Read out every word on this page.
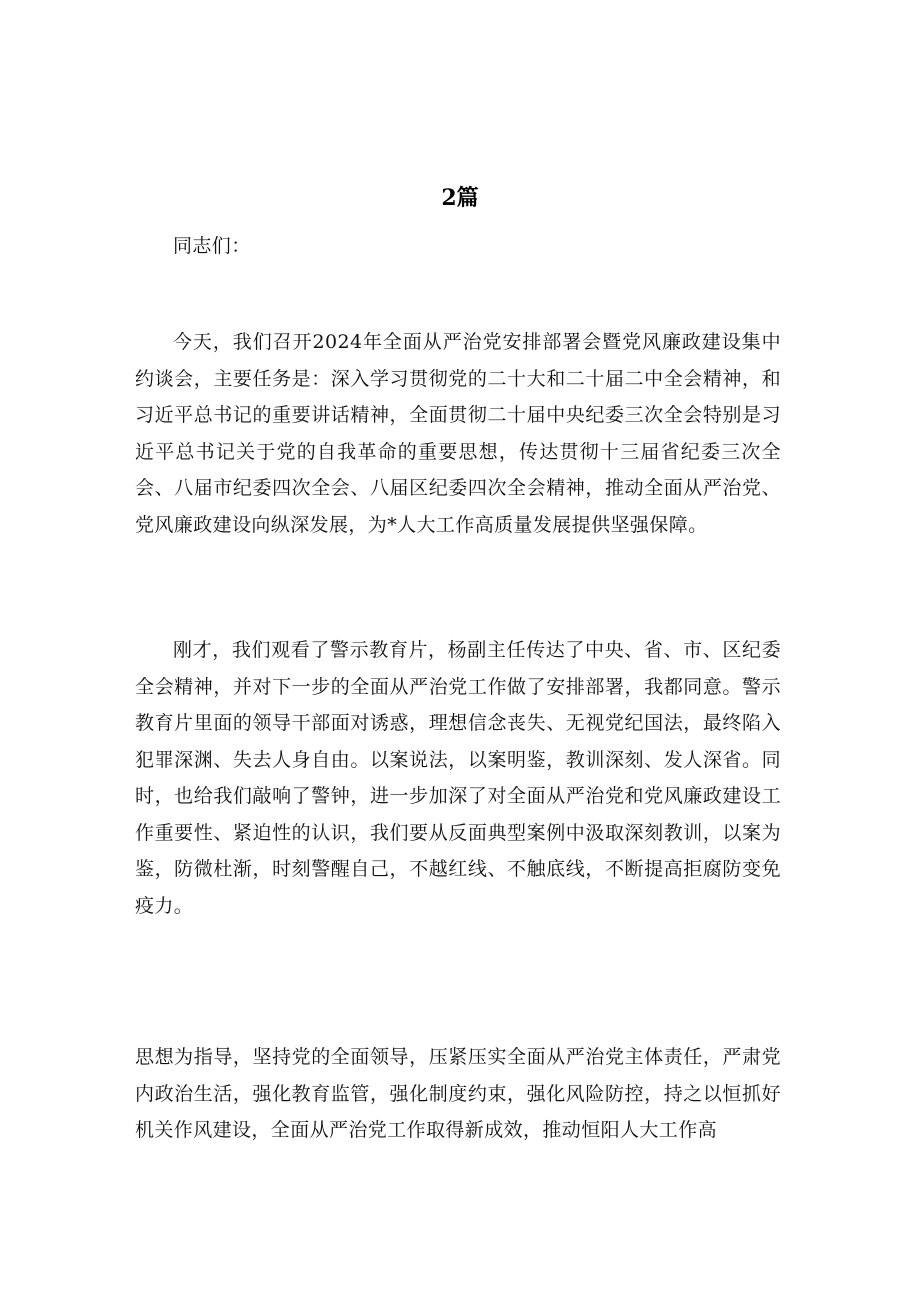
2篇

同志们：

今天，我们召开2024年全面从严治党安排部署会暨党风廉政建设集中约谈会，主要任务是：深入学习贯彻党的二十大和二十届二中全会精神，和习近平总书记的重要讲话精神，全面贯彻二十届中央纪委三次全会特别是习近平总书记关于党的自我革命的重要思想，传达贯彻十三届省纪委三次全会、八届市纪委四次全会、八届区纪委四次全会精神，推动全面从严治党、党风廉政建设向纵深发展，为*人大工作高质量发展提供坚强保障。

刚才，我们观看了警示教育片，杨副主任传达了中央、省、市、区纪委全会精神，并对下一步的全面从严治党工作做了安排部署，我都同意。警示教育片里面的领导干部面对诱惑，理想信念丧失、无视党纪国法，最终陷入犯罪深渊、失去人身自由。以案说法，以案明鉴，教训深刻、发人深省。同时，也给我们敲响了警钟，进一步加深了对全面从严治党和党风廉政建设工作重要性、紧迫性的认识，我们要从反面典型案例中汲取深刻教训，以案为鉴，防微杜渐，时刻警醒自己，不越红线、不触底线，不断提高拒腐防变免疫力。

思想为指导，坚持党的全面领导，压紧压实全面从严治党主体责任，严肃党内政治生活，强化教育监管，强化制度约束，强化风险防控，持之以恒抓好机关作风建设，全面从严治党工作取得新成效，推动恒阳人大工作高
